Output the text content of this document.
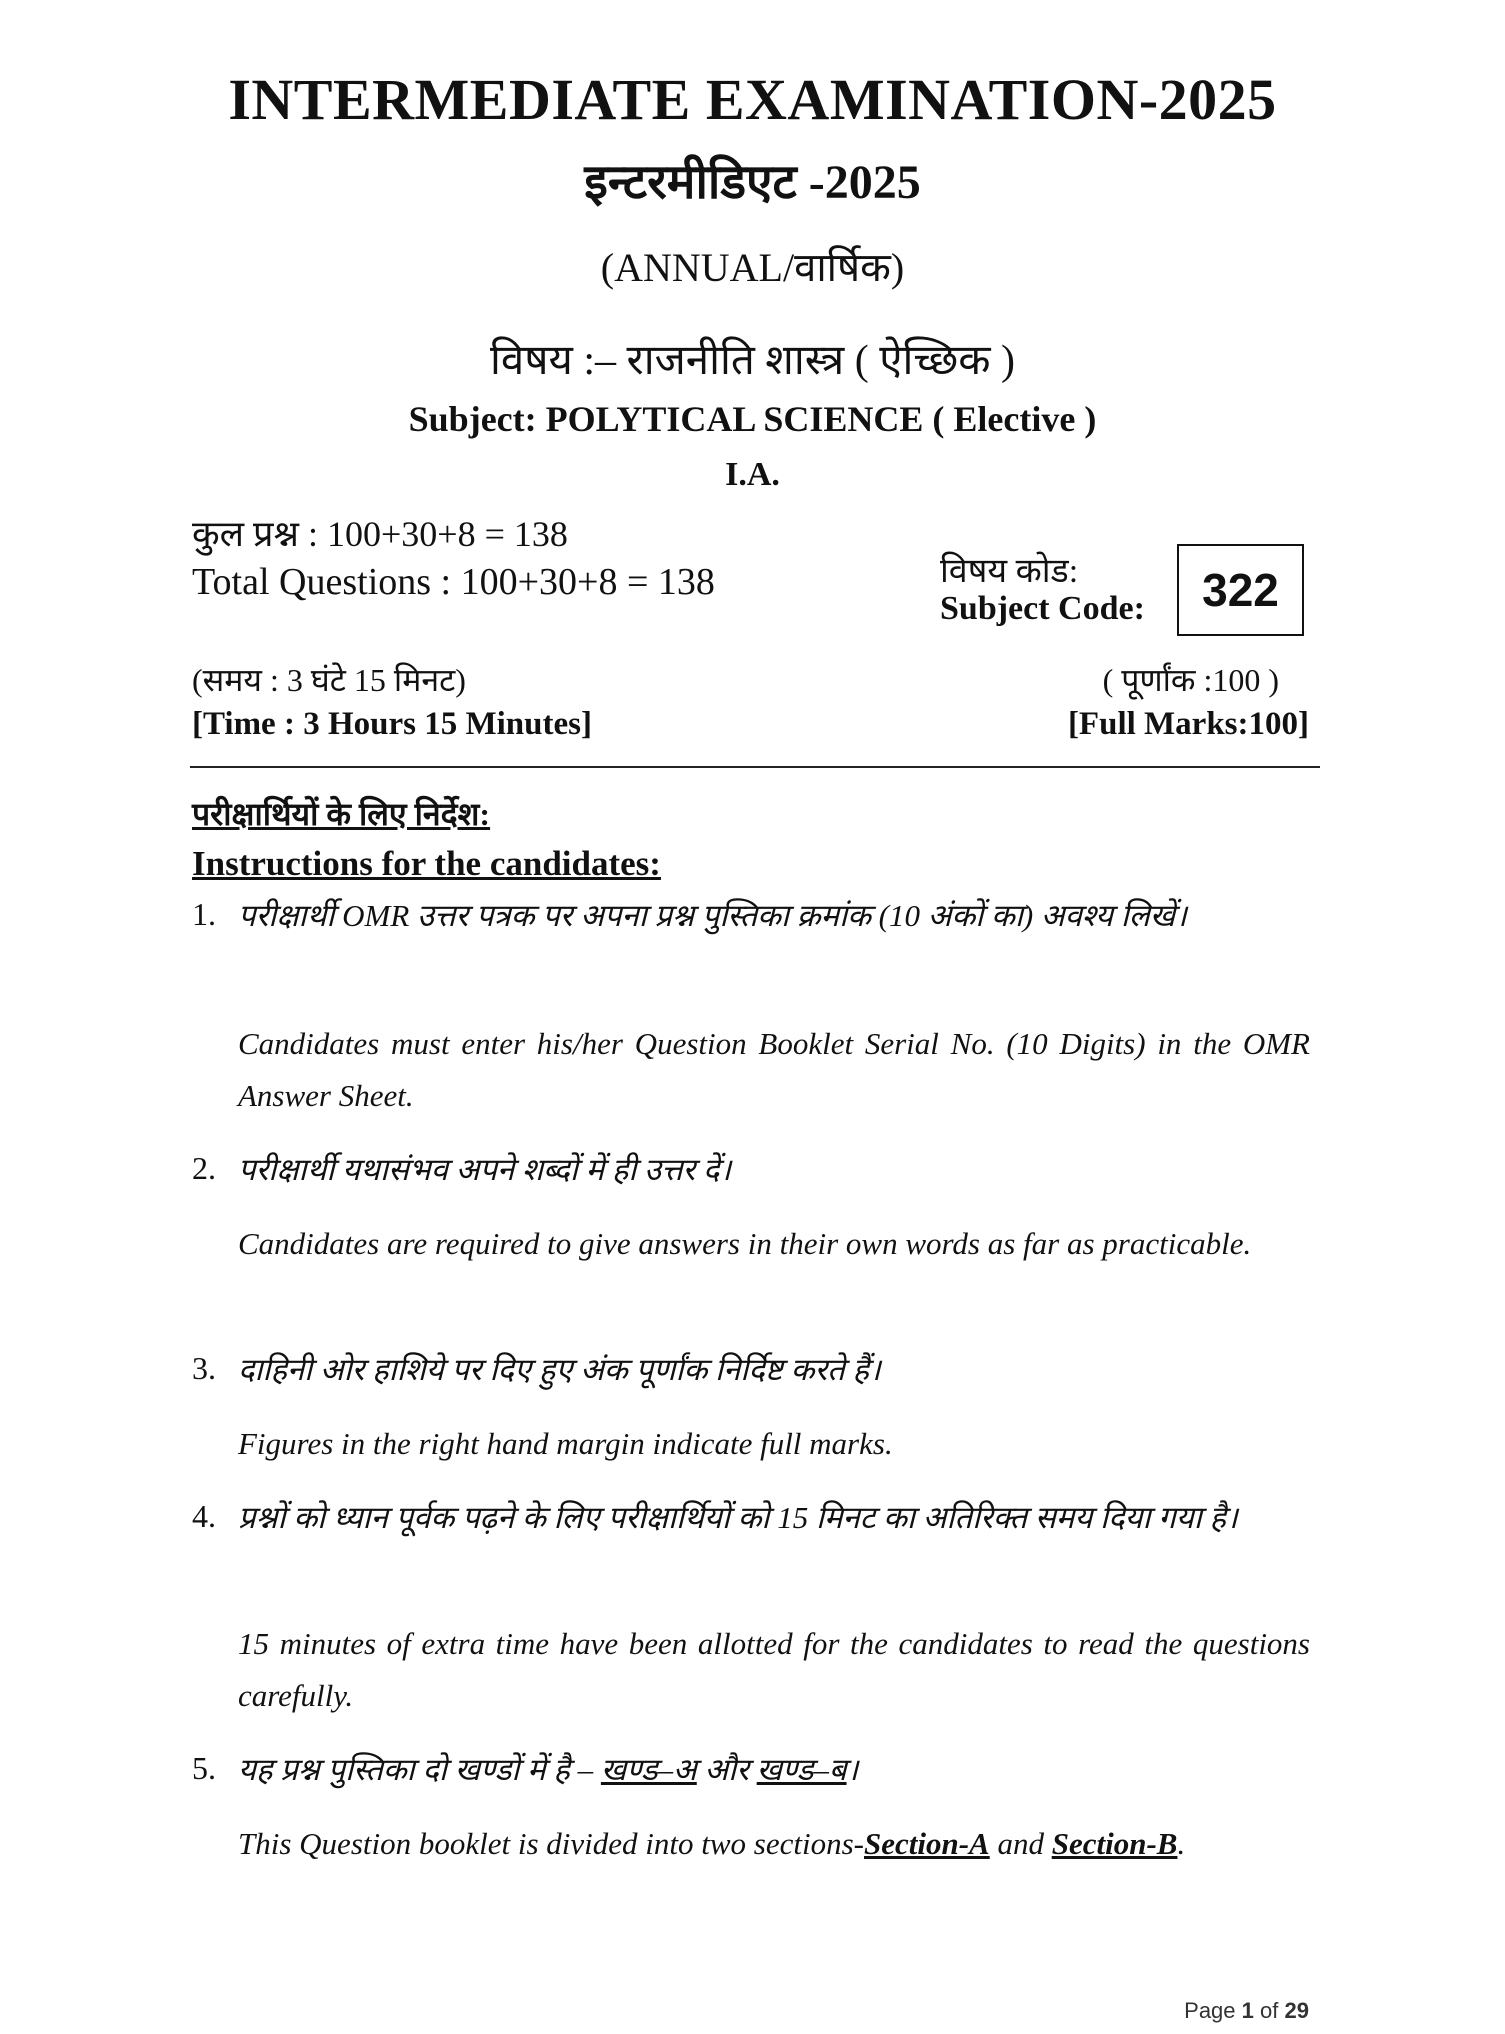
INTERMEDIATE EXAMINATION-2025
इन्टरमीडिएट -2025
(ANNUAL/वार्षिक)
विषय :– राजनीति शास्त्र ( ऐच्छिक )
Subject: POLYTICAL SCIENCE ( Elective )
I.A.
कुल प्रश्न : 100+30+8 = 138
Total Questions : 100+30+8 = 138	विषय कोड:
Subject Code:	322
(समय : 3 घंटे 15 मिनट)
[Time : 3 Hours 15 Minutes]
( पूर्णांक :100 )
[Full Marks:100]
परीक्षार्थियों के लिए निर्देश:
Instructions for the candidates:
1. परीक्षार्थी OMR उत्तर पत्रक पर अपना प्रश्न पुस्तिका क्रमांक (10 अंकों का) अवश्य लिखें।
Candidates must enter his/her Question Booklet Serial No. (10 Digits) in the OMR Answer Sheet.
2. परीक्षार्थी यथासंभव अपने शब्दों में ही उत्तर दें।
Candidates are required to give answers in their own words as far as practicable.
3. दाहिनी ओर हाशिये पर दिए हुए अंक पूर्णांक निर्दिष्ट करते हैं।
Figures in the right hand margin indicate full marks.
4. प्रश्नों को ध्यान पूर्वक पढ़ने के लिए परीक्षार्थियों को 15 मिनट का अतिरिक्त समय दिया गया है।
15 minutes of extra time have been allotted for the candidates to read the questions carefully.
5. यह प्रश्न पुस्तिका दो खण्डों में है – खण्ड–अ और खण्ड–ब।
This Question booklet is divided into two sections-Section-A and Section-B.
Page 1 of 29
